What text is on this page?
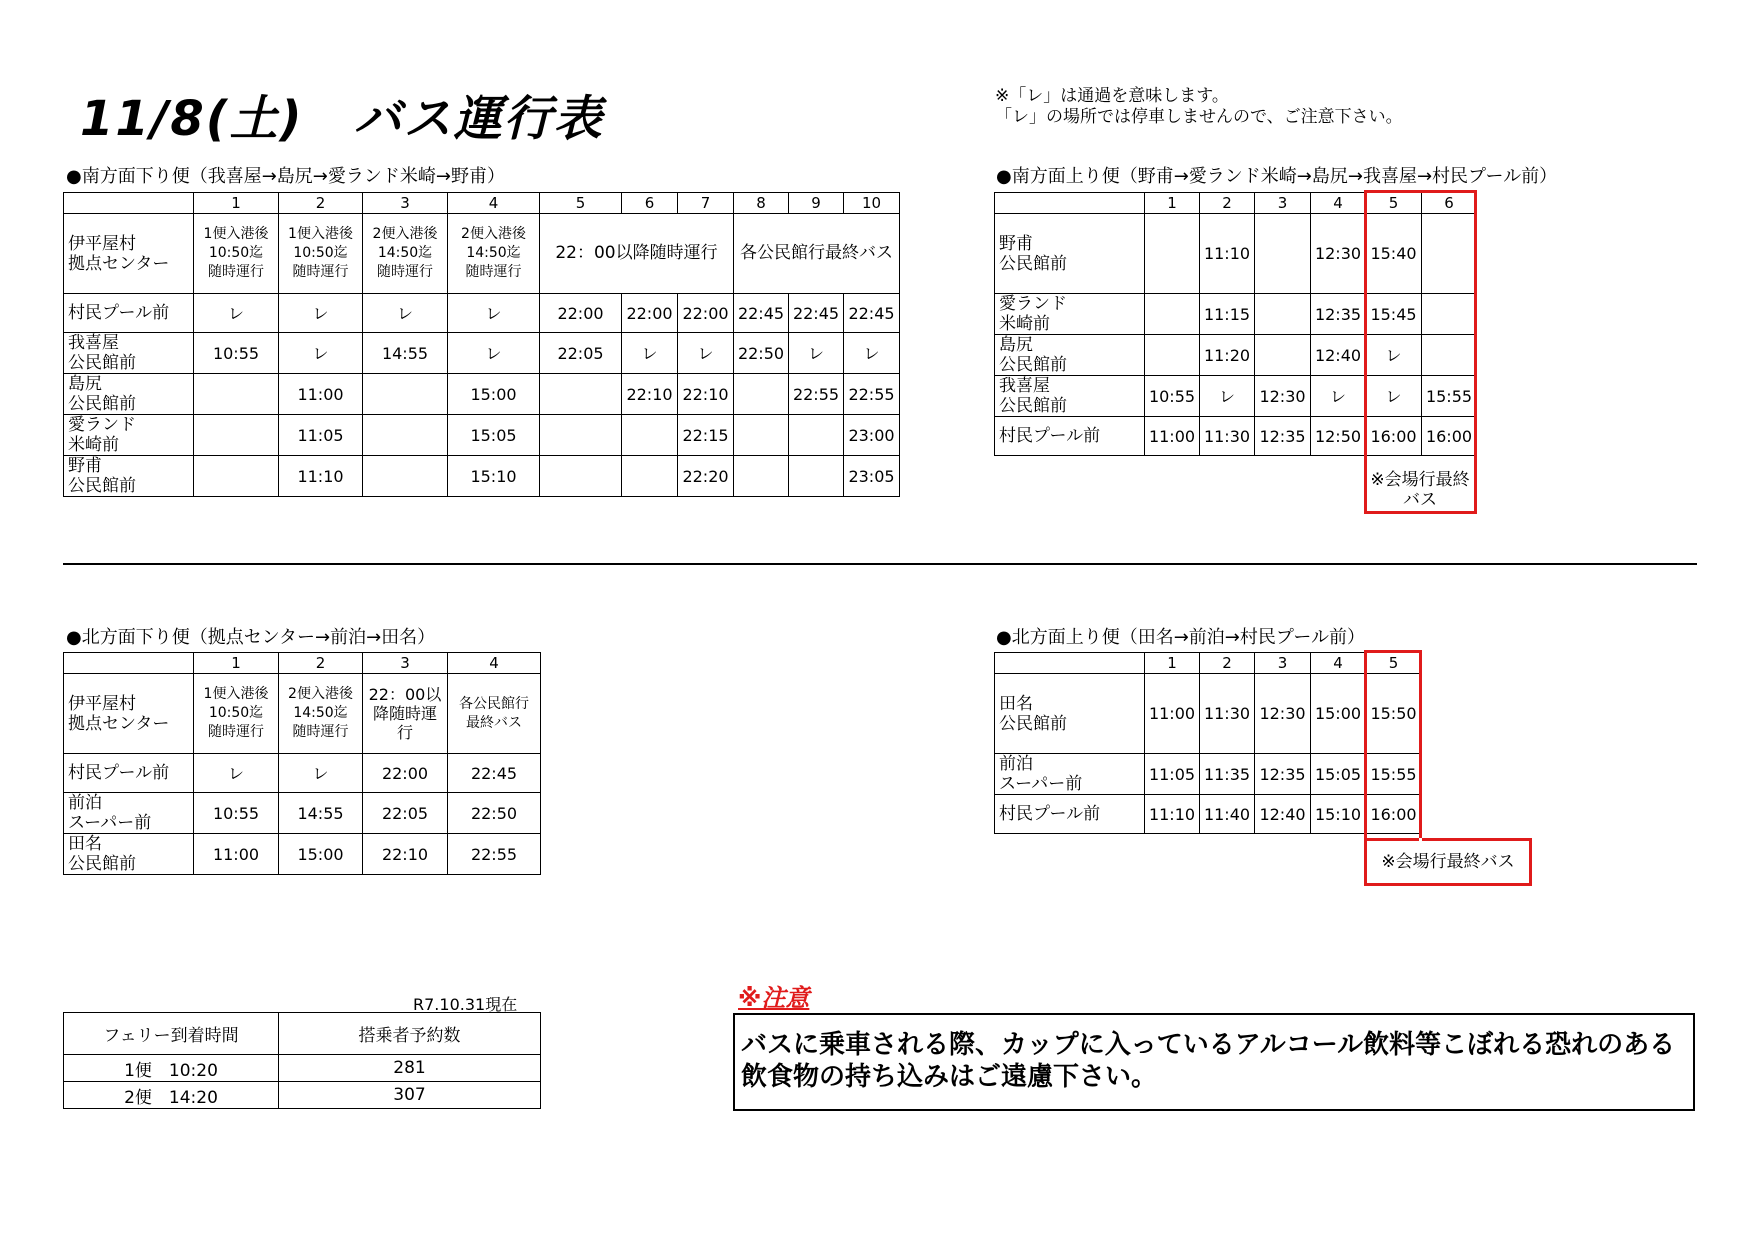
11/8(土)　バス運行表	※「レ」は通過を意味します。
「レ」の場所では停車しませんので、ご注意下さい。
●南方面下り便（我喜屋→島尻→愛ランド米崎→野甫）
	1	2	3	4	5	6	7	8	9	10
伊平屋村
拠点センター	1便入港後
10:50迄
随時運行	1便入港後
10:50迄
随時運行	2便入港後
14:50迄
随時運行	2便入港後
14:50迄
随時運行	22：00以降随時運行			各公民館行最終バス		
村民プール前	レ	レ	レ	レ	22:00	22:00	22:00	22:45	22:45	22:45
我喜屋
公民館前	10:55	レ	14:55	レ	22:05	レ	レ	22:50	レ	レ
島尻
公民館前		11:00		15:00		22:10	22:10		22:55	22:55
愛ランド
米崎前		11:05		15:05			22:15			23:00
野甫
公民館前		11:10		15:10			22:20			23:05
●南方面上り便（野甫→愛ランド米崎→島尻→我喜屋→村民プール前）
	1	2	3	4	5	6
野甫
公民館前		11:10		12:30	15:40	
愛ランド
米崎前		11:15		12:35	15:45	
島尻
公民館前		11:20		12:40	レ	
我喜屋
公民館前	10:55	レ	12:30	レ	レ	15:55
村民プール前	11:00	11:30	12:35	12:50	16:00	16:00
※会場行最終バス
●北方面下り便（拠点センター→前泊→田名）
	1	2	3	4
伊平屋村
拠点センター	1便入港後
10:50迄
随時運行	2便入港後
14:50迄
随時運行	22：00以
降随時運
行	各公民館行
最終バス
村民プール前	レ	レ	22:00	22:45
前泊
スーパー前	10:55	14:55	22:05	22:50
田名
公民館前	11:00	15:00	22:10	22:55
●北方面上り便（田名→前泊→村民プール前）
	1	2	3	4	5
田名
公民館前	11:00	11:30	12:30	15:00	15:50
前泊
スーパー前	11:05	11:35	12:35	15:05	15:55
村民プール前	11:10	11:40	12:40	15:10	16:00
※会場行最終バス
R7.10.31現在
フェリー到着時間	搭乗者予約数
1便　10:20	281
2便　14:20	307
※注意
バスに乗車される際、カップに入っているアルコール飲料等こぼれる恐れのある飲食物の持ち込みはご遠慮下さい。
